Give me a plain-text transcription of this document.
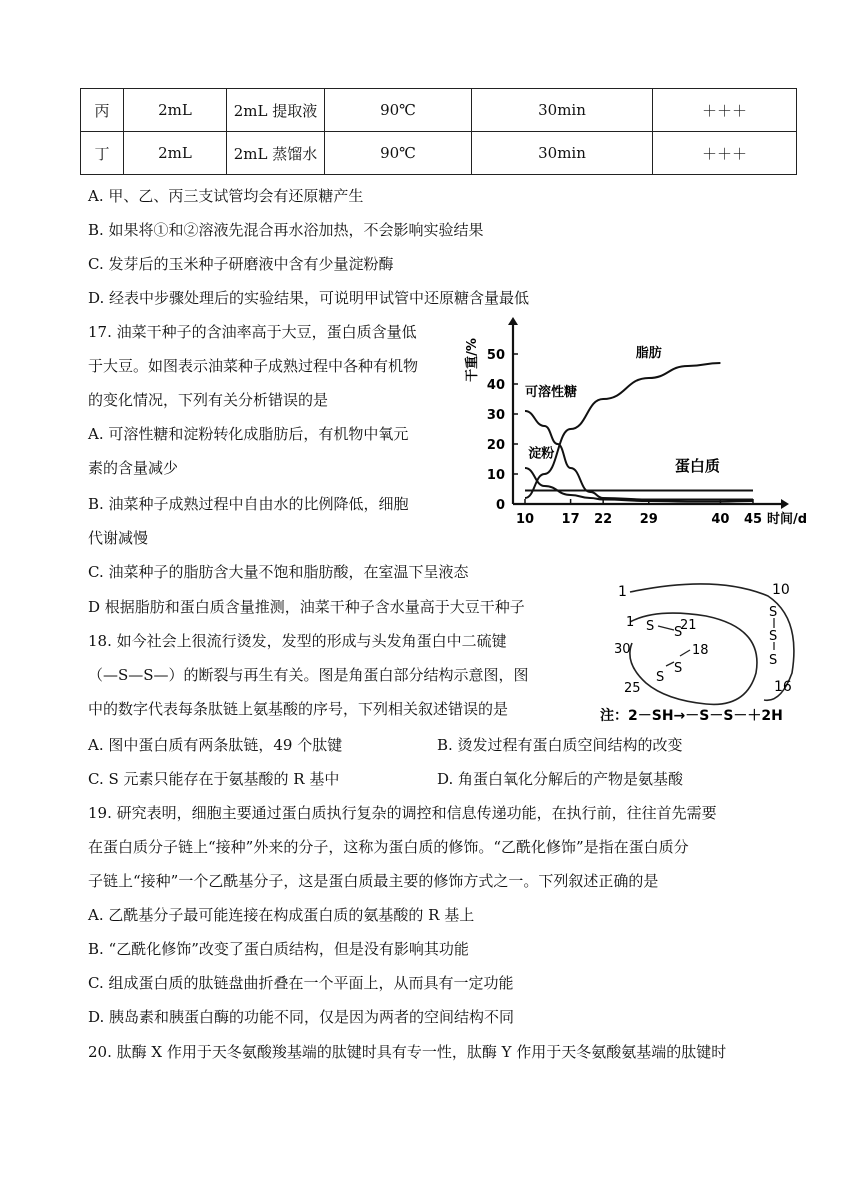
丙	2mL	2mL 提取液	90℃	30min	＋＋＋
丁	2mL	2mL 蒸馏水	90℃	30min	＋＋＋
A. 甲、乙、丙三支试管均会有还原糖产生
B. 如果将①和②溶液先混合再水浴加热，不会影响实验结果
C. 发芽后的玉米种子研磨液中含有少量淀粉酶
D. 经表中步骤处理后的实验结果，可说明甲试管中还原糖含量最低
17. 油菜干种子的含油率高于大豆，蛋白质含量低
于大豆。如图表示油菜种子成熟过程中各种有机物
的变化情况，下列有关分析错误的是
A. 可溶性糖和淀粉转化成脂肪后，有机物中氧元
素的含量减少
B. 油菜种子成熟过程中自由水的比例降低，细胞
代谢减慢
C. 油菜种子的脂肪含大量不饱和脂肪酸，在室温下呈液态
D 根据脂肪和蛋白质含量推测，油菜干种子含水量高于大豆干种子
0
10
20
30
40
50
10 17 22 29	40 45
脂肪
可溶性糖
淀粉
蛋白质
干重/%
时间/d
18. 如今社会上很流行烫发，发型的形成与头发角蛋白中二硫键
（—S—S—）的断裂与再生有关。图是角蛋白部分结构示意图，图
中的数字代表每条肽链上氨基酸的序号，下列相关叙述错误的是
A. 图中蛋白质有两条肽链，49 个肽键	B. 烫发过程有蛋白质空间结构的改变
C. S 元素只能存在于氨基酸的 R 基中	D. 角蛋白氧化分解后的产物是氨基酸
1	10
1 S S
21
18
S
S
30
25
S
S
S
16
注：2－SH→－S－S－＋2H
19. 研究表明，细胞主要通过蛋白质执行复杂的调控和信息传递功能，在执行前，往往首先需要
在蛋白质分子链上“接种”外来的分子，这称为蛋白质的修饰。“乙酰化修饰”是指在蛋白质分
子链上“接种”一个乙酰基分子，这是蛋白质最主要的修饰方式之一。下列叙述正确的是
A. 乙酰基分子最可能连接在构成蛋白质的氨基酸的 R 基上
B. “乙酰化修饰”改变了蛋白质结构，但是没有影响其功能
C. 组成蛋白质的肽链盘曲折叠在一个平面上，从而具有一定功能
D. 胰岛素和胰蛋白酶的功能不同，仅是因为两者的空间结构不同
20. 肽酶 X 作用于天冬氨酸羧基端的肽键时具有专一性，肽酶 Y 作用于天冬氨酸氨基端的肽键时
